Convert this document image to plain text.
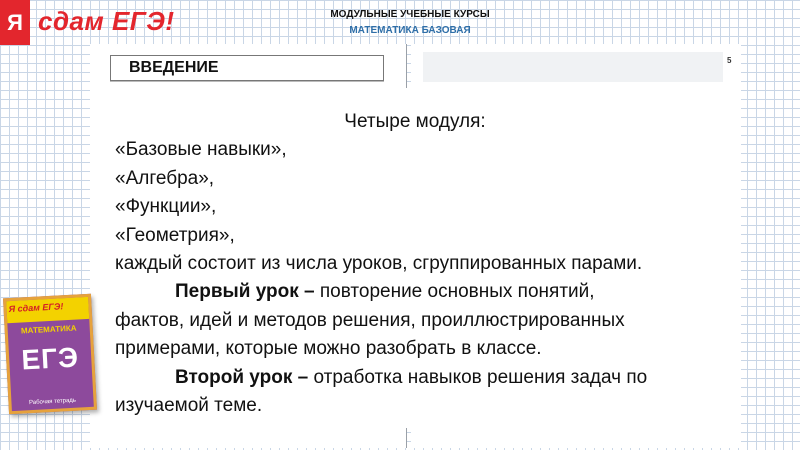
Я сдам ЕГЭ!	МОДУЛЬНЫЕ УЧЕБНЫЕ КУРСЫ
МАТЕМАТИКА БАЗОВАЯ
5
ВВЕДЕНИЕ
Четыре модуля:
«Базовые навыки»,
«Алгебра»,
«Функции»,
«Геометрия»,
каждый состоит из числа уроков, сгруппированных парами.
Первый урок – повторение основных понятий,
фактов, идей и методов решения, проиллюстрированных
примерами, которые можно разобрать в классе.
Второй урок – отработка навыков решения задач по
изучаемой теме.
Я сдам ЕГЭ!
МАТЕМАТИКА
ЕГЭ
Рабочая тетрадь
